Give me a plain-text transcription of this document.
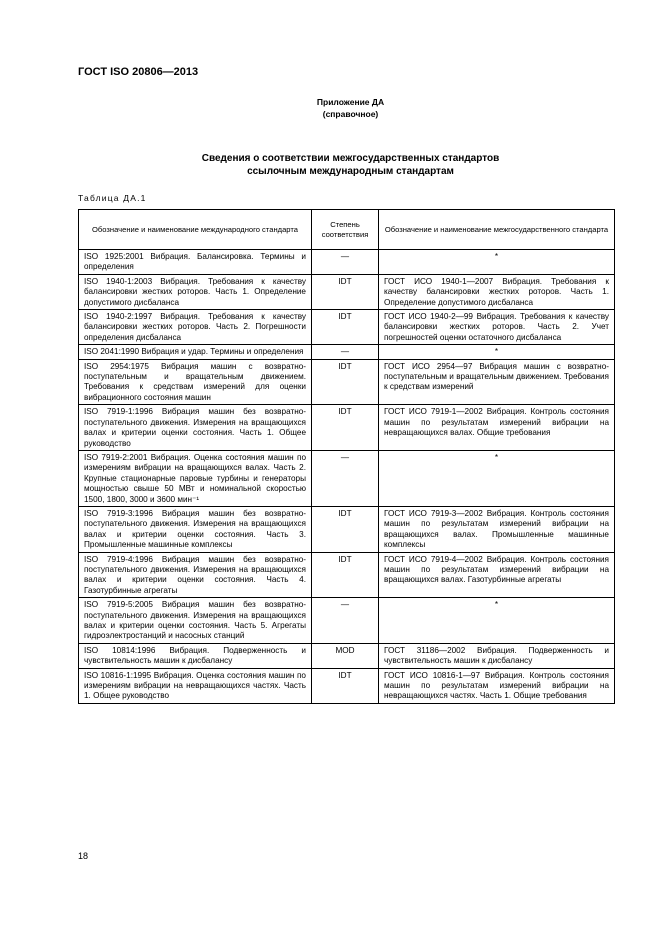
ГОСТ ISO 20806—2013
Приложение ДА
(справочное)
Сведения о соответствии межгосударственных стандартов
ссылочным международным стандартам
Таблица ДА.1
Обозначение и наименование международного стандарта	Степень соответствия	Обозначение и наименование межгосударственного стандарта
ISO 1925:2001 Вибрация. Балансировка. Термины и определения	—	*
ISO 1940-1:2003 Вибрация. Требования к качеству балансировки жестких роторов. Часть 1. Определение допустимого дисбаланса	IDT	ГОСТ ИСО 1940-1—2007 Вибрация. Требования к качеству балансировки жестких роторов. Часть 1. Определение допустимого дисбаланса
ISO 1940-2:1997 Вибрация. Требования к качеству балансировки жестких роторов. Часть 2. Погрешности определения дисбаланса	IDT	ГОСТ ИСО 1940-2—99 Вибрация. Требования к качеству балансировки жестких роторов. Часть 2. Учет погрешностей оценки остаточного дисбаланса
ISO 2041:1990 Вибрация и удар. Термины и определения	—	*
ISO 2954:1975 Вибрация машин с возвратно-поступательным и вращательным движением. Требования к средствам измерений для оценки вибрационного состояния машин	IDT	ГОСТ ИСО 2954—97 Вибрация машин с возвратно-поступательным и вращательным движением. Требования к средствам измерений
ISO 7919-1:1996 Вибрация машин без возвратно-поступательного движения. Измерения на вращающихся валах и критерии оценки состояния. Часть 1. Общее руководство	IDT	ГОСТ ИСО 7919-1—2002 Вибрация. Контроль состояния машин по результатам измерений вибрации на невращающихся валах. Общие требования
ISO 7919-2:2001 Вибрация. Оценка состояния машин по измерениям вибрации на вращающихся валах. Часть 2. Крупные стационарные паровые турбины и генераторы мощностью свыше 50 МВт и номинальной скоростью 1500, 1800, 3000 и 3600 мин⁻¹	—	*
ISO 7919-3:1996 Вибрация машин без возвратно-поступательного движения. Измерения на вращающихся валах и критерии оценки состояния. Часть 3. Промышленные машинные комплексы	IDT	ГОСТ ИСО 7919-3—2002 Вибрация. Контроль состояния машин по результатам измерений вибрации на вращающихся валах. Промышленные машинные комплексы
ISO 7919-4:1996 Вибрация машин без возвратно-поступательного движения. Измерения на вращающихся валах и критерии оценки состояния. Часть 4. Газотурбинные агрегаты	IDT	ГОСТ ИСО 7919-4—2002 Вибрация. Контроль состояния машин по результатам измерений вибрации на вращающихся валах. Газотурбинные агрегаты
ISO 7919-5:2005 Вибрация машин без возвратно-поступательного движения. Измерения на вращающихся валах и критерии оценки состояния. Часть 5. Агрегаты гидроэлектростанций и насосных станций	—	*
ISO 10814:1996 Вибрация. Подверженность и чувствительность машин к дисбалансу	MOD	ГОСТ 31186—2002 Вибрация. Подверженность и чувствительность машин к дисбалансу
ISO 10816-1:1995 Вибрация. Оценка состояния машин по измерениям вибрации на невращающихся частях. Часть 1. Общее руководство	IDT	ГОСТ ИСО 10816-1—97 Вибрация. Контроль состояния машин по результатам измерений вибрации на невращающихся частях. Часть 1. Общие требования
18
